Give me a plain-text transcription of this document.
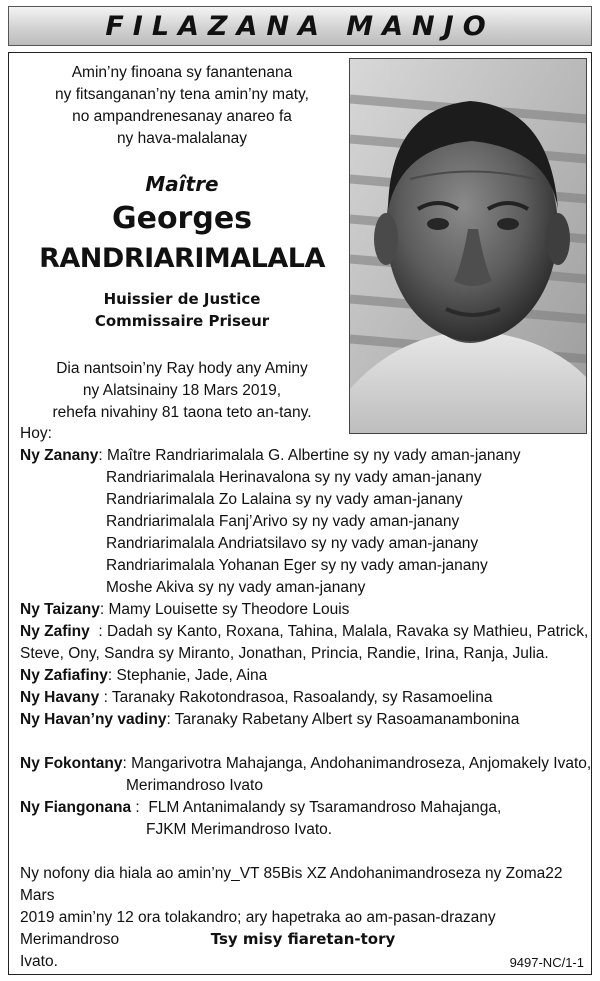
FILAZANA MANJO
Amin’ny finoana sy fanantenana
ny fitsanganan’ny tena amin’ny maty,
no ampandrenesanay anareo fa
ny hava-malalanay
Maître
Georges
RANDRIARIMALALA
Huissier de Justice
Commissaire Priseur
Dia nantsoin’ny Ray hody any Aminy
ny Alatsinainy 18 Mars 2019,
rehefa nivahiny 81 taona teto an-tany.
Hoy:
Ny Zanany: Maître Randriarimalala G. Albertine sy ny vady aman-janany
Randriarimalala Herinavalona sy ny vady aman-janany
Randriarimalala Zo Lalaina sy ny vady aman-janany
Randriarimalala Fanj’Arivo sy ny vady aman-janany
Randriarimalala Andriatsilavo sy ny vady aman-janany
Randriarimalala Yohanan Eger sy ny vady aman-janany
Moshe Akiva sy ny vady aman-janany
Ny Taizany: Mamy Louisette sy Theodore Louis
Ny Zafiny  : Dadah sy Kanto, Roxana, Tahina, Malala, Ravaka sy Mathieu, Patrick,
Steve, Ony, Sandra sy Miranto, Jonathan, Princia, Randie, Irina, Ranja, Julia.
Ny Zafiafiny: Stephanie, Jade, Aina
Ny Havany : Taranaky Rakotondrasoa, Rasoalandy, sy Rasamoelina
Ny Havan’ny vadiny: Taranaky Rabetany Albert sy Rasoamanambonina
Ny Fokontany: Mangarivotra Mahajanga, Andohanimandroseza, Anjomakely Ivato,
Merimandroso Ivato
Ny Fiangonana :  FLM Antanimalandy sy Tsaramandroso Mahajanga,
FJKM Merimandroso Ivato.
Ny nofony dia hiala ao amin’ny_VT 85Bis XZ Andohanimandroseza ny Zoma22 Mars
2019 amin’ny 12 ora tolakandro; ary hapetraka ao am-pasan-drazany Merimandroso
Ivato.
Tsy misy fiaretan-tory
9497-NC/1-1
